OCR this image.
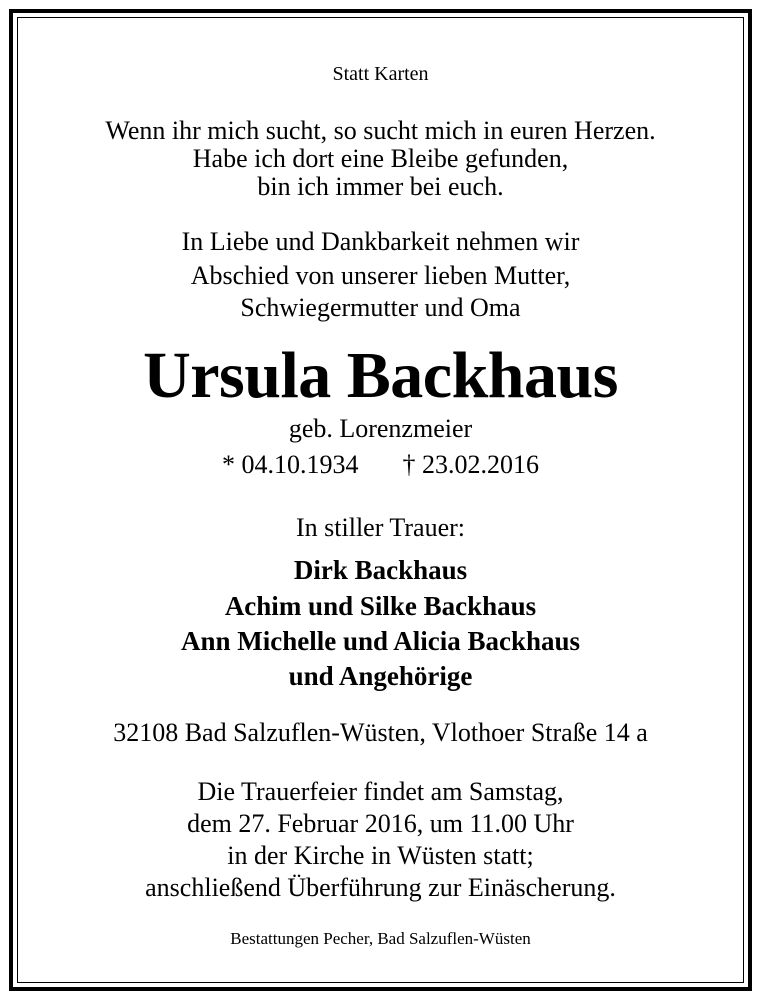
Statt Karten
Wenn ihr mich sucht, so sucht mich in euren Herzen.
Habe ich dort eine Bleibe gefunden,
bin ich immer bei euch.
In Liebe und Dankbarkeit nehmen wir
Abschied von unserer lieben Mutter,
Schwiegermutter und Oma
Ursula Backhaus
geb. Lorenzmeier
* 04.10.1934 † 23.02.2016
In stiller Trauer:
Dirk Backhaus
Achim und Silke Backhaus
Ann Michelle und Alicia Backhaus
und Angehörige
32108 Bad Salzuflen-Wüsten, Vlothoer Straße 14 a
Die Trauerfeier findet am Samstag,
dem 27. Februar 2016, um 11.00 Uhr
in der Kirche in Wüsten statt;
anschließend Überführung zur Einäscherung.
Bestattungen Pecher, Bad Salzuflen-Wüsten
